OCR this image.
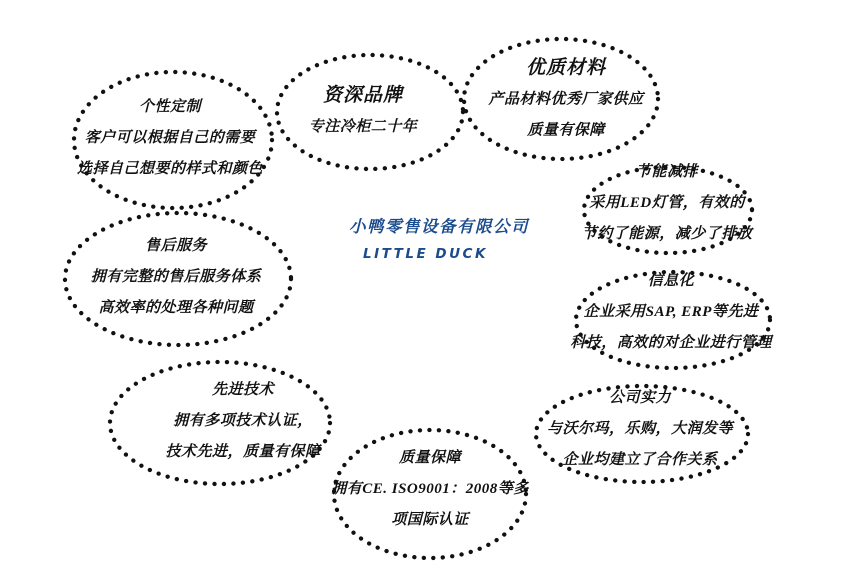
个性定制
客户可以根据自己的需要
选择自己想要的样式和颜色
资深品牌
专注冷柜二十年
优质材料
产品材料优秀厂家供应
质量有保障
节能减排
采用LED灯管，有效的
节约了能源，减少了排放
信息化
企业采用SAP, ERP等先进
科技，高效的对企业进行管理
公司实力
与沃尔玛，乐购，大润发等
企业均建立了合作关系
售后服务
拥有完整的售后服务体系
高效率的处理各种问题
先进技术
拥有多项技术认证，
技术先进，质量有保障	质量保障
拥有CE. ISO9001：2008等多
项国际认证
小鸭零售设备有限公司
LITTLE DUCK
